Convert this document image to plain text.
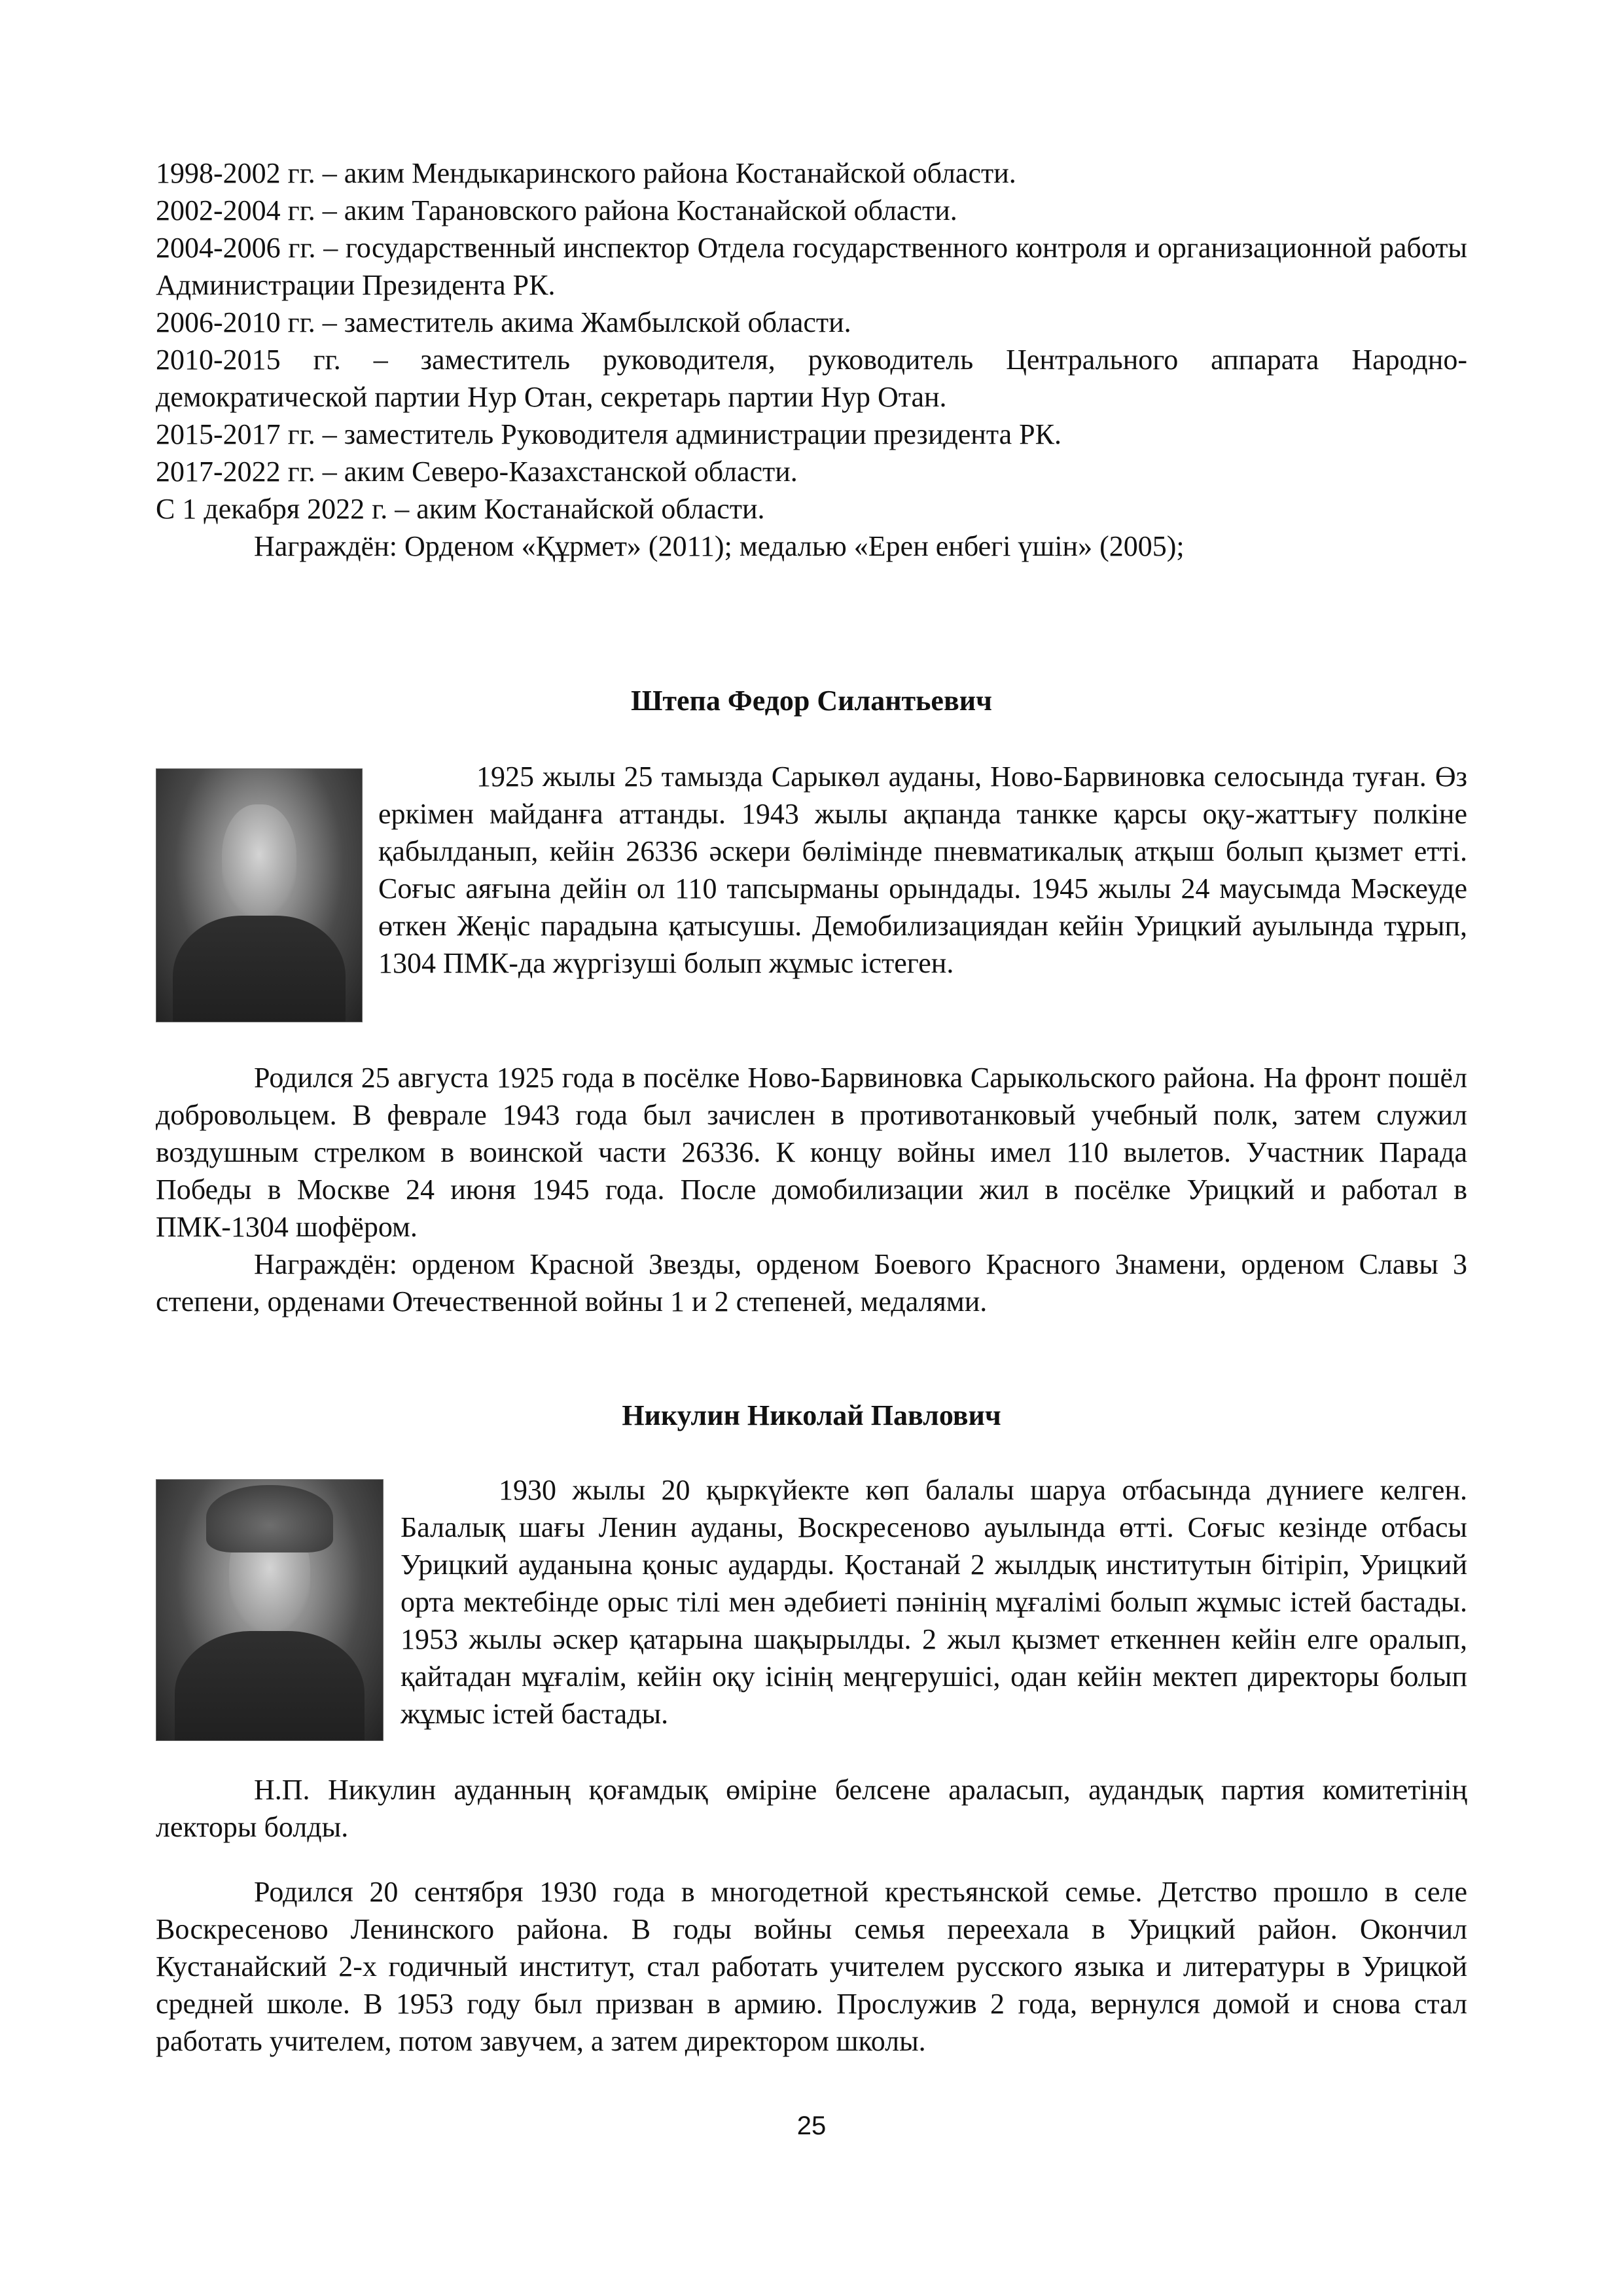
1998-2002 гг. – аким Мендыкаринского района Костанайской области.

2002-2004 гг. – аким Тарановского района Костанайской области.

2004-2006 гг. – государственный инспектор Отдела государственного контроля и организационной работы Администрации Президента РК.

2006-2010 гг. – заместитель акима Жамбылской области.

2010-2015 гг. – заместитель руководителя, руководитель Центрального аппарата Народно-демократической партии Нур Отан, секретарь партии Нур Отан.

2015-2017 гг. – заместитель Руководителя администрации президента РК.

2017-2022 гг. – аким Северо-Казахстанской области.

С 1 декабря 2022 г. – аким Костанайской области.

Награждён: Орденом «Құрмет» (2011); медалью «Ерен енбегі үшін» (2005);

Штепа Федор Силантьевич

1925 жылы 25 тамызда Сарыкөл ауданы, Ново-Барвиновка селосында туған. Өз еркімен майданға аттанды. 1943 жылы ақпанда танкке қарсы оқу-жаттығу полкіне қабылданып, кейін 26336 әскери бөлімінде пневматикалық атқыш болып қызмет етті. Соғыс аяғына дейін ол 110 тапсырманы орындады. 1945 жылы 24 маусымда Мәскеуде өткен Жеңіс парадына қатысушы. Демобилизациядан кейін Урицкий ауылында тұрып, 1304 ПМК-да жүргізуші болып жұмыс істеген.

Родился 25 августа 1925 года в посёлке Ново-Барвиновка Сарыкольского района. На фронт пошёл добровольцем. В феврале 1943 года был зачислен в противотанковый учебный полк, затем служил воздушным стрелком в воинской части 26336. К концу войны имел 110 вылетов. Участник Парада Победы в Москве 24 июня 1945 года. После домобилизации жил в посёлке Урицкий и работал в ПМК-1304 шофёром.

Награждён: орденом Красной Звезды, орденом Боевого Красного Знамени, орденом Славы 3 степени, орденами Отечественной войны 1 и 2 степеней, медалями.

Никулин Николай Павлович

1930 жылы 20 қыркүйекте көп балалы шаруа отбасында дүниеге келген. Балалық шағы Ленин ауданы, Воскресеново ауылында өтті. Соғыс кезінде отбасы Урицкий ауданына қоныс аударды. Қостанай 2 жылдық институтын бітіріп, Урицкий орта мектебінде орыс тілі мен әдебиеті пәнінің мұғалімі болып жұмыс істей бастады. 1953 жылы әскер қатарына шақырылды. 2 жыл қызмет еткеннен кейін елге оралып, қайтадан мұғалім, кейін оқу ісінің меңгерушісі, одан кейін мектеп директоры болып жұмыс істей бастады.

Н.П. Никулин ауданның қоғамдық өміріне белсене араласып, аудандық партия комитетінің лекторы болды.

Родился 20 сентября 1930 года в многодетной крестьянской семье. Детство прошло в селе Воскресеново Ленинского района. В годы войны семья переехала в Урицкий район. Окончил Кустанайский 2-х годичный институт, стал работать учителем русского языка и литературы в Урицкой средней школе. В 1953 году был призван в армию. Прослужив 2 года, вернулся домой и снова стал работать учителем, потом завучем, а затем директором школы.

25
